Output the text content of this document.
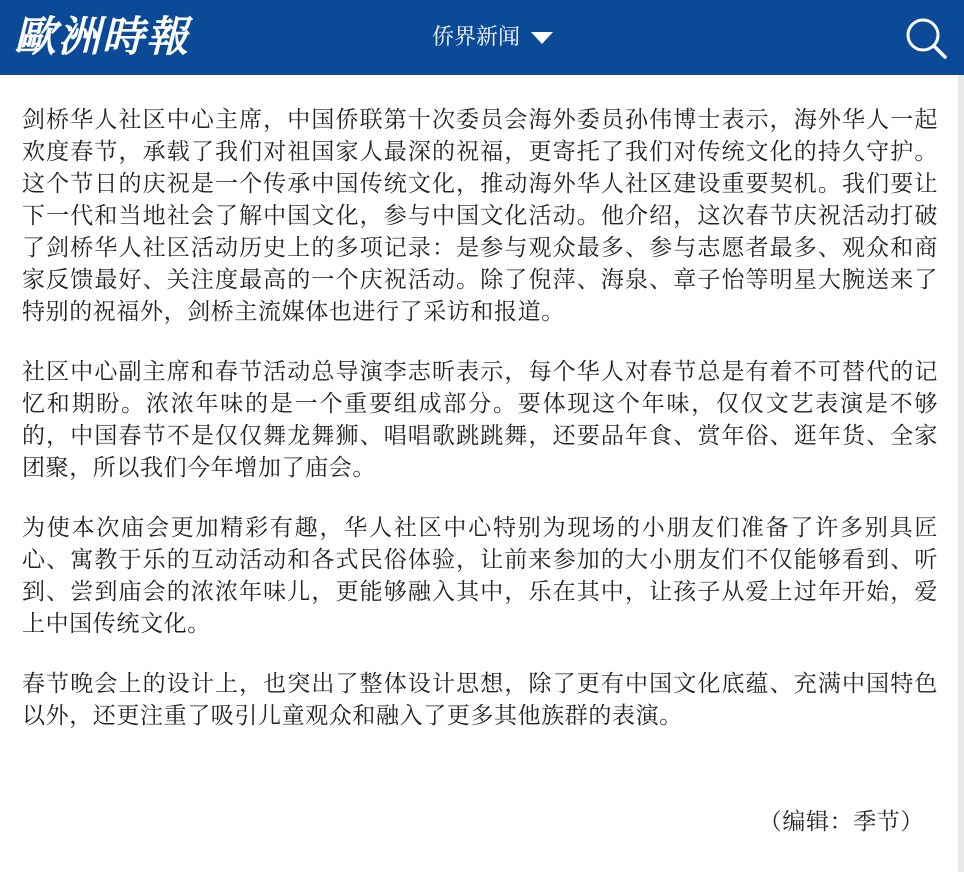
歐洲時報	侨界新闻

剑桥华人社区中心主席，中国侨联第十次委员会海外委员孙伟博士表示，海外华人一起欢度春节，承载了我们对祖国家人最深的祝福，更寄托了我们对传统文化的持久守护。这个节日的庆祝是一个传承中国传统文化，推动海外华人社区建设重要契机。我们要让下一代和当地社会了解中国文化，参与中国文化活动。他介绍，这次春节庆祝活动打破了剑桥华人社区活动历史上的多项记录：是参与观众最多、参与志愿者最多、观众和商家反馈最好、关注度最高的一个庆祝活动。除了倪萍、海泉、章子怡等明星大腕送来了特别的祝福外，剑桥主流媒体也进行了采访和报道。

社区中心副主席和春节活动总导演李志昕表示，每个华人对春节总是有着不可替代的记忆和期盼。浓浓年味的是一个重要组成部分。要体现这个年味，仅仅文艺表演是不够的，中国春节不是仅仅舞龙舞狮、唱唱歌跳跳舞，还要品年食、赏年俗、逛年货、全家团聚，所以我们今年增加了庙会。

为使本次庙会更加精彩有趣，华人社区中心特别为现场的小朋友们准备了许多别具匠心、寓教于乐的互动活动和各式民俗体验，让前来参加的大小朋友们不仅能够看到、听到、尝到庙会的浓浓年味儿，更能够融入其中，乐在其中，让孩子从爱上过年开始，爱上中国传统文化。

春节晚会上的设计上，也突出了整体设计思想，除了更有中国文化底蕴、充满中国特色以外，还更注重了吸引儿童观众和融入了更多其他族群的表演。

（编辑：季节）
